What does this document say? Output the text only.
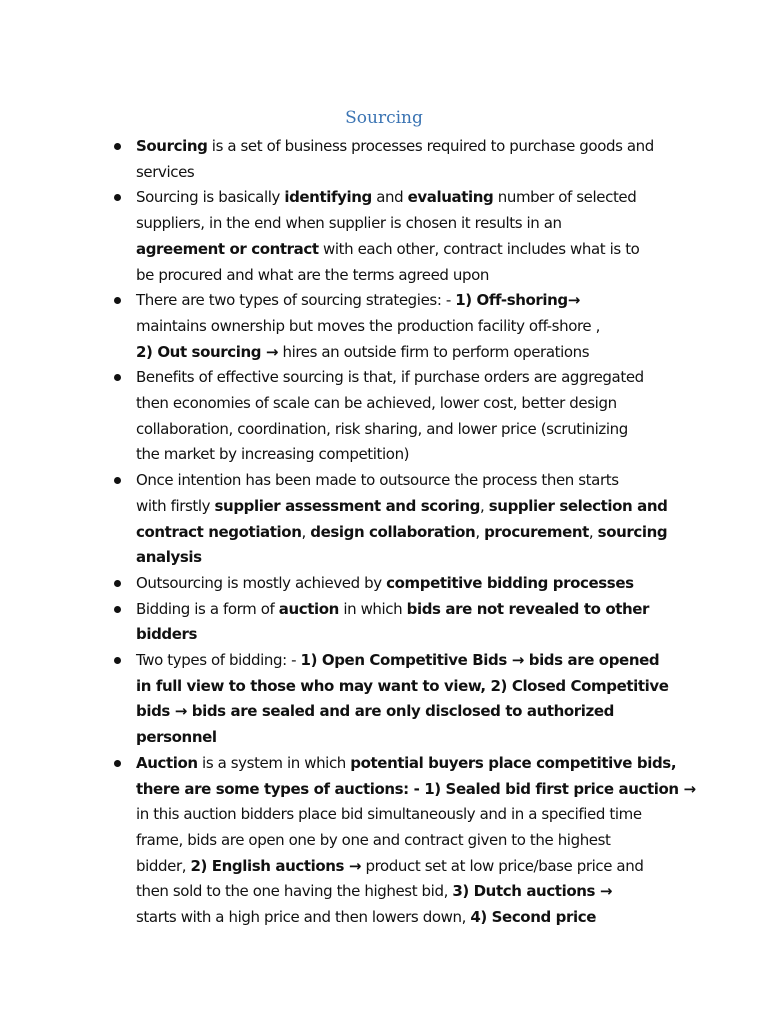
Sourcing
Sourcing is a set of business processes required to purchase goods and
services
Sourcing is basically identifying and evaluating number of selected
suppliers, in the end when supplier is chosen it results in an
agreement or contract with each other, contract includes what is to
be procured and what are the terms agreed upon
There are two types of sourcing strategies: - 1) Off-shoring→
maintains ownership but moves the production facility off-shore ,
2) Out sourcing → hires an outside firm to perform operations
Benefits of effective sourcing is that, if purchase orders are aggregated
then economies of scale can be achieved, lower cost, better design
collaboration, coordination, risk sharing, and lower price (scrutinizing
the market by increasing competition)
Once intention has been made to outsource the process then starts
with firstly supplier assessment and scoring, supplier selection and
contract negotiation, design collaboration, procurement, sourcing
analysis
Outsourcing is mostly achieved by competitive bidding processes
Bidding is a form of auction in which bids are not revealed to other
bidders
Two types of bidding: - 1) Open Competitive Bids → bids are opened
in full view to those who may want to view, 2) Closed Competitive
bids → bids are sealed and are only disclosed to authorized
personnel
Auction is a system in which potential buyers place competitive bids,
there are some types of auctions: - 1) Sealed bid first price auction →
in this auction bidders place bid simultaneously and in a specified time
frame, bids are open one by one and contract given to the highest
bidder, 2) English auctions → product set at low price/base price and
then sold to the one having the highest bid, 3) Dutch auctions →
starts with a high price and then lowers down, 4) Second price
